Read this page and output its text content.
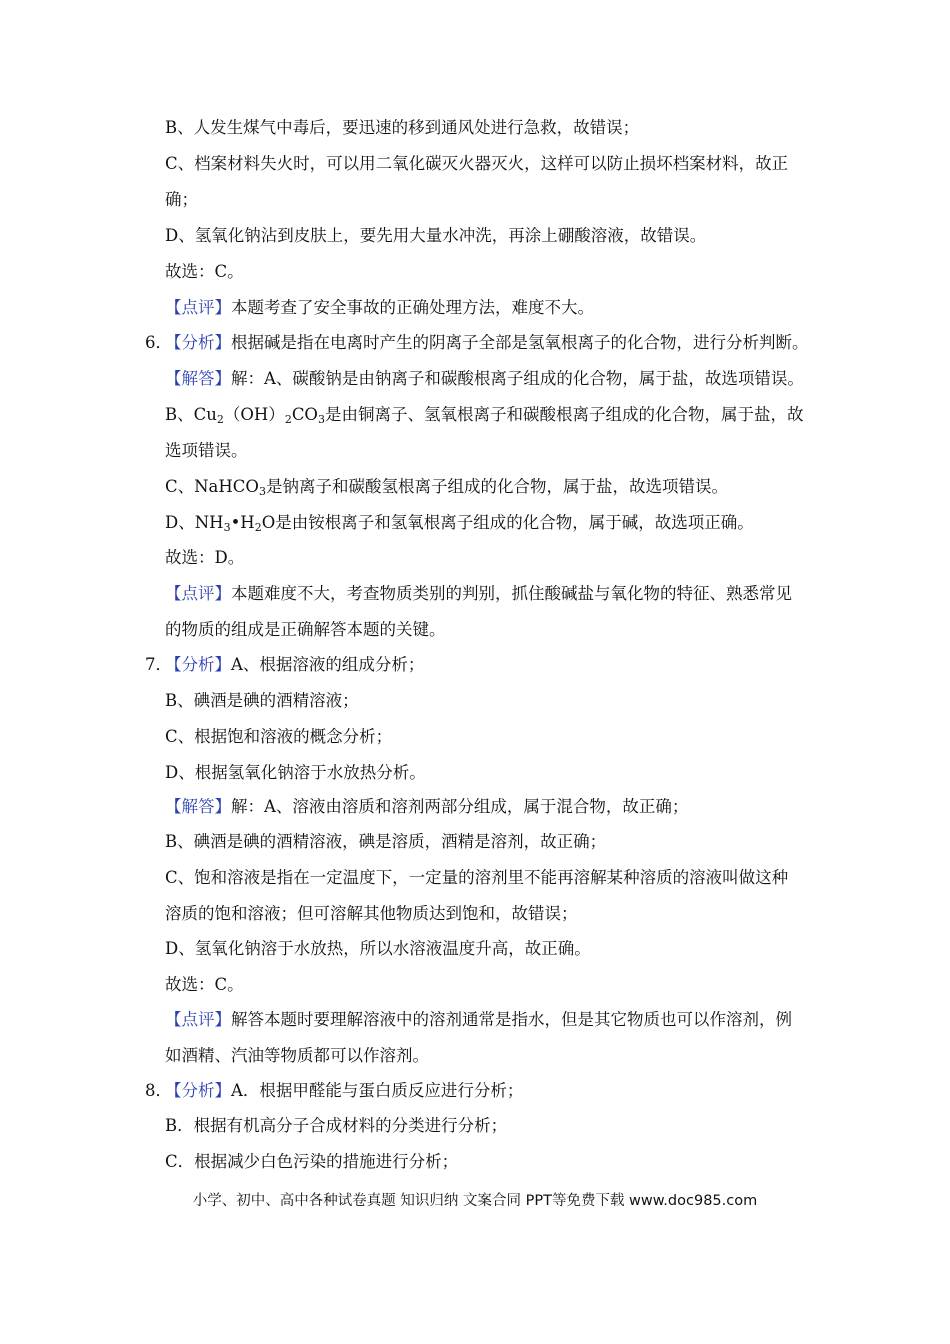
B、人发生煤气中毒后，要迅速的移到通风处进行急救，故错误；
C、档案材料失火时，可以用二氧化碳灭火器灭火，这样可以防止损坏档案材料，故正
确；
D、氢氧化钠沾到皮肤上，要先用大量水冲洗，再涂上硼酸溶液，故错误。
故选：C。
【点评】本题考查了安全事故的正确处理方法，难度不大。
6．
【分析】根据碱是指在电离时产生的阴离子全部是氢氧根离子的化合物，进行分析判断。
【解答】解：A、碳酸钠是由钠离子和碳酸根离子组成的化合物，属于盐，故选项错误。
B、$Cu_2(OH)_2CO_3$是由铜离子、氢氧根离子和碳酸根离子组成的化合物，属于盐，故
选项错误。
C、NaHCO$_3$是钠离子和碳酸氢根离子组成的化合物，属于盐，故选项错误。
D、$NH_3•H_2O$是由铵根离子和氢氧根离子组成的化合物，属于碱，故选项正确。
故选：D。
【点评】本题难度不大，考查物质类别的判别，抓住酸碱盐与氧化物的特征、熟悉常见
的物质的组成是正确解答本题的关键。
7．
【分析】A、根据溶液的组成分析；
B、碘酒是碘的酒精溶液；
C、根据饱和溶液的概念分析；
D、根据氢氧化钠溶于水放热分析。
【解答】解：A、溶液由溶质和溶剂两部分组成，属于混合物，故正确；
B、碘酒是碘的酒精溶液，碘是溶质，酒精是溶剂，故正确；
C、饱和溶液是指在一定温度下，一定量的溶剂里不能再溶解某种溶质的溶液叫做这种
溶质的饱和溶液；但可溶解其他物质达到饱和，故错误；
D、氢氧化钠溶于水放热，所以水溶液温度升高，故正确。
故选：C。
【点评】解答本题时要理解溶液中的溶剂通常是指水，但是其它物质也可以作溶剂，例
如酒精、汽油等物质都可以作溶剂。
8．
【分析】A．根据甲醛能与蛋白质反应进行分析；
B．根据有机高分子合成材料的分类进行分析；
C．根据减少白色污染的措施进行分析；
小学、初中、高中各种试卷真题 知识归纳 文案合同 PPT等免费下载 www.doc985.com
